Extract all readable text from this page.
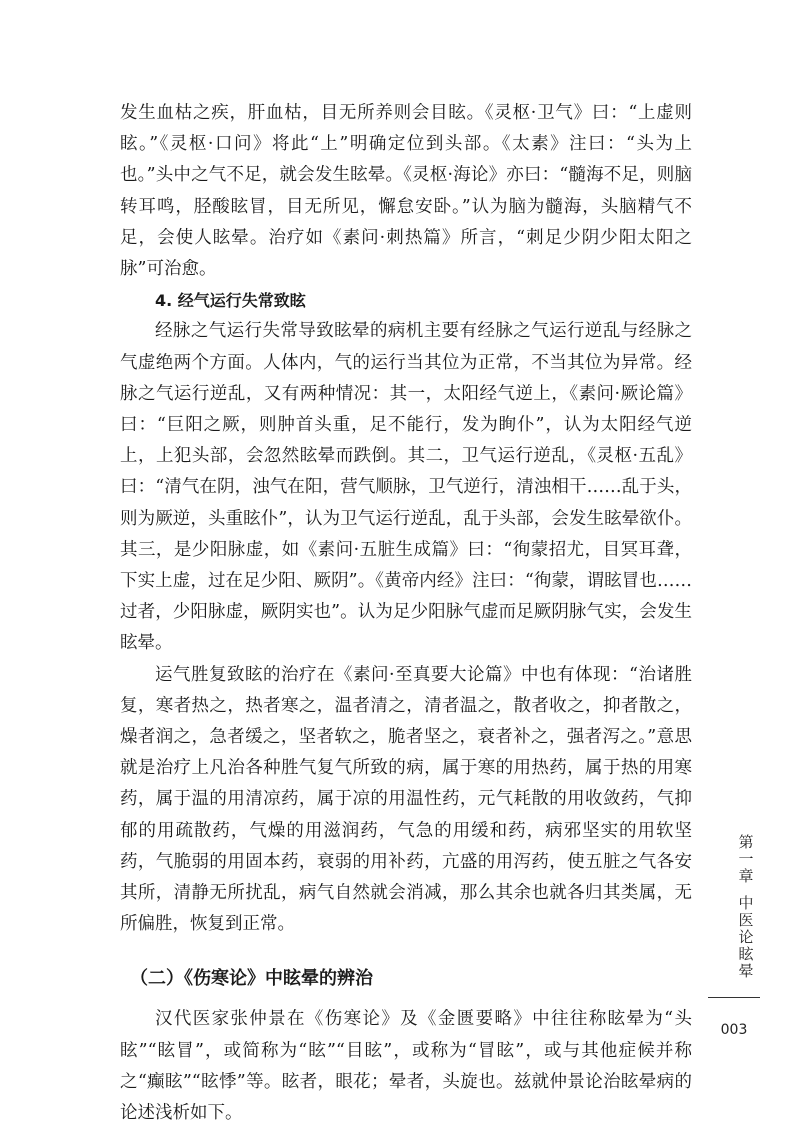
发生血枯之疾，肝血枯，目无所养则会目眩。《灵枢·卫气》曰：“上虚则眩。”《灵枢·口问》将此“上”明确定位到头部。《太素》注曰：“头为上也。”头中之气不足，就会发生眩晕。《灵枢·海论》亦曰：“髓海不足，则脑转耳鸣，胫酸眩冒，目无所见，懈怠安卧。”认为脑为髓海，头脑精气不足，会使人眩晕。治疗如《素问·刺热篇》所言，“刺足少阴少阳太阳之脉”可治愈。

4. 经气运行失常致眩

经脉之气运行失常导致眩晕的病机主要有经脉之气运行逆乱与经脉之气虚绝两个方面。人体内，气的运行当其位为正常，不当其位为异常。经脉之气运行逆乱，又有两种情况：其一，太阳经气逆上，《素问·厥论篇》曰：“巨阳之厥，则肿首头重，足不能行，发为眴仆”，认为太阳经气逆上，上犯头部，会忽然眩晕而跌倒。其二，卫气运行逆乱，《灵枢·五乱》曰：“清气在阴，浊气在阳，营气顺脉，卫气逆行，清浊相干……乱于头，则为厥逆，头重眩仆”，认为卫气运行逆乱，乱于头部，会发生眩晕欲仆。其三，是少阳脉虚，如《素问·五脏生成篇》曰：“徇蒙招尤，目冥耳聋，下实上虚，过在足少阳、厥阴”。《黄帝内经》注曰：“徇蒙，谓眩冒也……过者，少阳脉虚，厥阴实也”。认为足少阳脉气虚而足厥阴脉气实，会发生眩晕。

运气胜复致眩的治疗在《素问·至真要大论篇》中也有体现：“治诸胜复，寒者热之，热者寒之，温者清之，清者温之，散者收之，抑者散之，燥者润之，急者缓之，坚者软之，脆者坚之，衰者补之，强者泻之。”意思就是治疗上凡治各种胜气复气所致的病，属于寒的用热药，属于热的用寒药，属于温的用清凉药，属于凉的用温性药，元气耗散的用收敛药，气抑郁的用疏散药，气燥的用滋润药，气急的用缓和药，病邪坚实的用软坚药，气脆弱的用固本药，衰弱的用补药，亢盛的用泻药，使五脏之气各安其所，清静无所扰乱，病气自然就会消减，那么其余也就各归其类属，无所偏胜，恢复到正常。

（二）《伤寒论》中眩晕的辨治

汉代医家张仲景在《伤寒论》及《金匮要略》中往往称眩晕为“头眩”“眩冒”，或简称为“眩”“目眩”，或称为“冒眩”，或与其他症候并称之“癫眩”“眩悸”等。眩者，眼花；晕者，头旋也。兹就仲景论治眩晕病的论述浅析如下。

第一章
中医论眩晕
003
